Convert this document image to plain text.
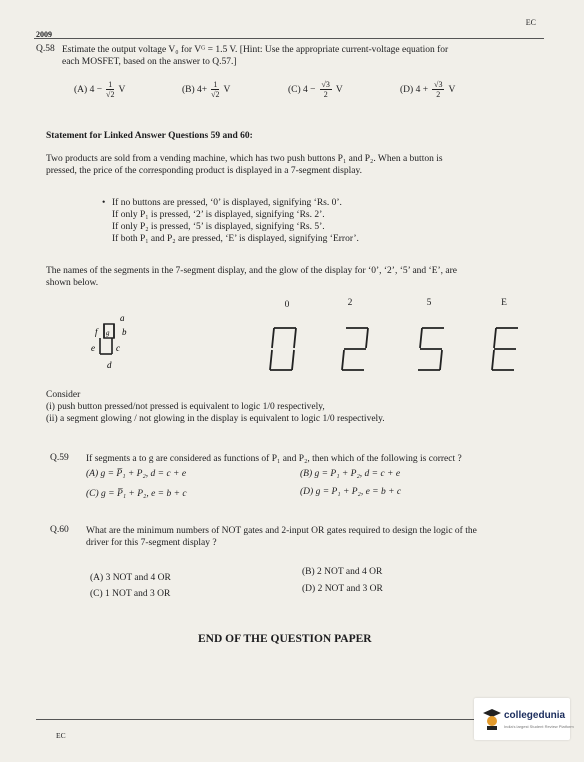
EC
2009
Q.58 Estimate the output voltage V₀ for Vᴳ = 1.5 V. [Hint: Use the appropriate current-voltage equation for
each MOSFET, based on the answer to Q.57.]
(A) $4 - \frac{1}{√2}$ V	(B) $4+ \frac{1}{√2}$ V	(C) $4 - \frac{√3}{2}$ V	(D) $4 + \frac{√3}{2}$ V
Statement for Linked Answer Questions 59 and 60:
Two products are sold from a vending machine, which has two push buttons P₁ and P₂. When a button is
pressed, the price of the corresponding product is displayed in a 7-segment display.
• If no buttons are pressed, ‘0’ is displayed, signifying ‘Rs. 0’.
If only P₁ is pressed, ‘2’ is displayed, signifying ‘Rs. 2’.
If only P₂ is pressed, ‘5’ is displayed, signifying ‘Rs. 5’.
If both P₁ and P₂ are pressed, ‘E’ is displayed, signifying ‘Error’.
The names of the segments in the 7-segment display, and the glow of the display for ‘0’, ‘2’, ‘5’ and ‘E’, are
shown below.
0	2	5	E
a
b
f g
e c
d
Consider
(i) push button pressed/not pressed is equivalent to logic 1/0 respectively,
(ii) a segment glowing / not glowing in the display is equivalent to logic 1/0 respectively.
Q.59 If segments a to g are considered as functions of P₁ and P₂, then which of the following is correct ?
(A) g = P̅₁ + P₂, d = c + e	(B) g = P₁ + P₂, d = c + e
(C) g = P̅₁ + P₂, e = b + c	(D) g = P₁ + P₂, e = b + c
Q.60 What are the minimum numbers of NOT gates and 2-input OR gates required to design the logic of the
driver for this 7-segment display ?
(A) 3 NOT and 4 OR
(B) 2 NOT and 4 OR
(C) 1 NOT and 3 OR	(D) 2 NOT and 3 OR
END OF THE QUESTION PAPER
EC
collegedunia
India's largest Student Review Platform
